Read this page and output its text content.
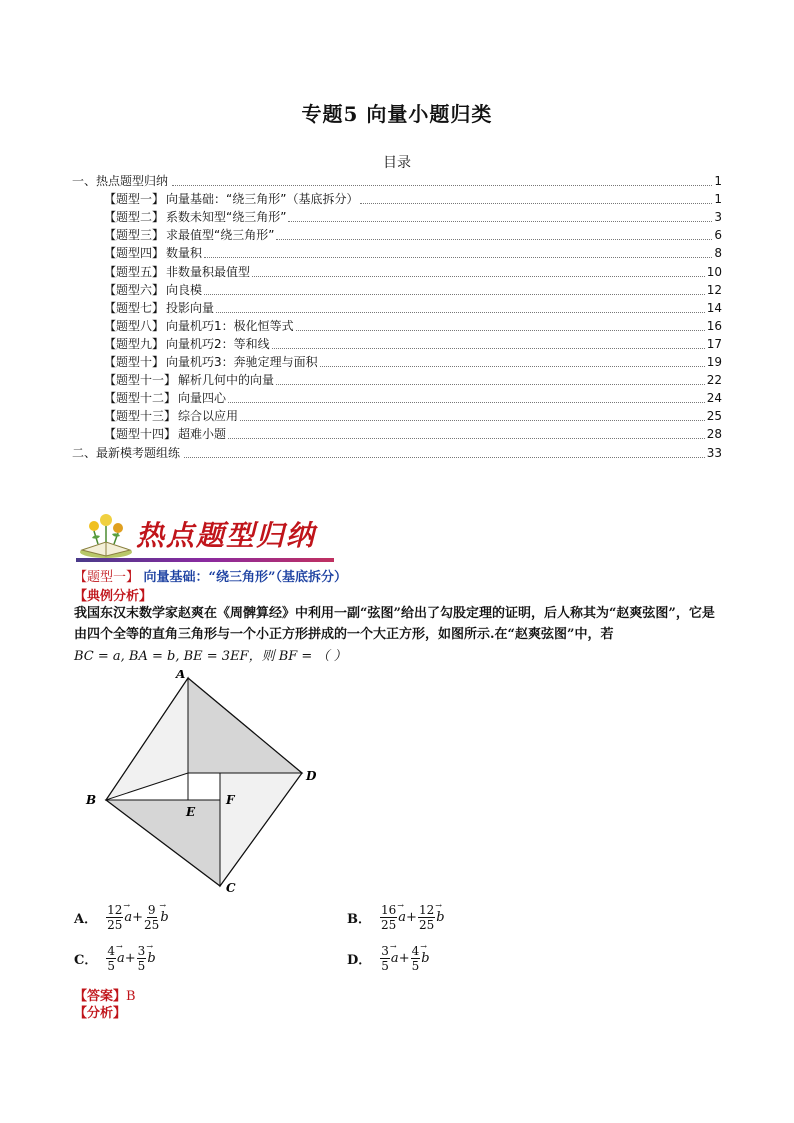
专题5 向量小题归类
目录
一、热点题型归纳	1
【题型一】 向量基础：“绕三角形”（基底拆分）	1
【题型二】 系数未知型“绕三角形”	3
【题型三】 求最值型“绕三角形”	6
【题型四】 数量积	8
【题型五】 非数量积最值型	10
【题型六】 向良模	12
【题型七】 投影向量	14
【题型八】 向量机巧1：极化恒等式	16
【题型九】 向量机巧2：等和线	17
【题型十】 向量机巧3：奔驰定理与面积	19
【题型十一】 解析几何中的向量	22
【题型十二】 向量四心	24
【题型十三】 综合以应用	25
【题型十四】 超难小题	28
二、最新模考题组练	33
热点题型归纳
【题型一】 向量基础：“绕三角形”（基底拆分）
【典例分析】
我国东汉末数学家赵爽在《周髀算经》中利用一副“弦图”给出了勾股定理的证明，后人称其为“赵爽弦图”，它是由四个全等的直角三角形与一个小正方形拼成的一个大正方形，如图所示.在“赵爽弦图”中，若
BC = a, BA = b, BE = 3EF，则 BF = （ ）
A
D
B
C
E
F
A． $\frac{12}{25} \to a + \frac{9}{25} \to b$	B． $\frac{16}{25} \to a + \frac{12}{25} \to b$
C． $\frac{4}{5} \to a + \frac{3}{5} \to b$	D． $\frac{3}{5} \to a + \frac{4}{5} \to b$
【答案】B
【分析】
